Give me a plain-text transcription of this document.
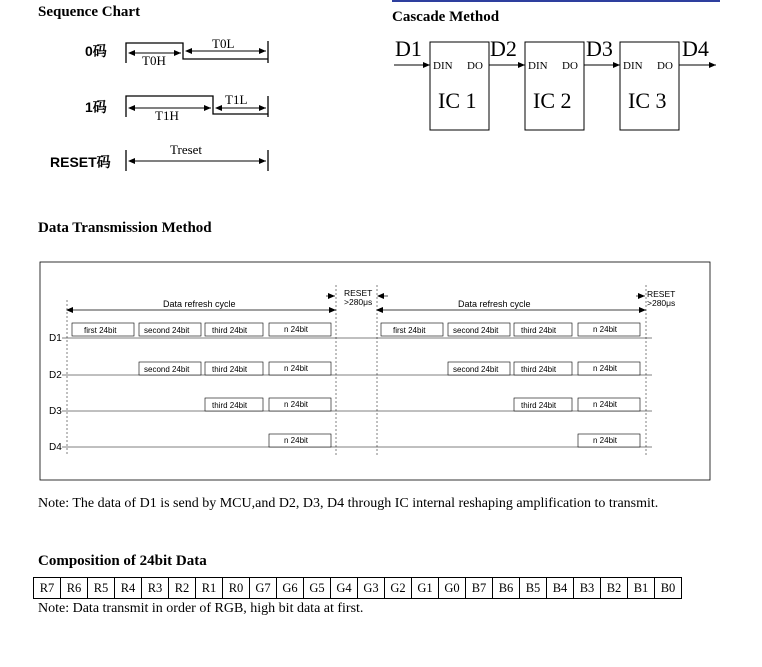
Sequence Chart	Cascade Method
Data Transmission Method
Composition of 24bit Data
Note: The data of D1 is send by MCU,and D2, D3, D4 through IC internal reshaping amplification to transmit.
Note: Data transmit in order of RGB, high bit data at first.
0码
T0H
T0L
1码
T1H
T1L
RESET码
Treset
D1	D2	D3	D4
DIN DO	DIN DO	DIN DO
IC 1	IC 2	IC 3
Data refresh cycle	Data refresh cycle
RESET
>280μs
RESET
>280μs
D1
D2
D3
D4
first 24bit	second 24bit	third 24bit	n 24bit
second 24bit	third 24bit	n 24bit
third 24bit	n 24bit
n 24bit
first 24bit	second 24bit	third 24bit	n 24bit
second 24bit	third 24bit	n 24bit
third 24bit	n 24bit
n 24bit
R7	R6	R5	R4	R3	R2	R1	R0	G7	G6	G5	G4	G3	G2	G1	G0	B7	B6	B5	B4	B3	B2	B1	B0
